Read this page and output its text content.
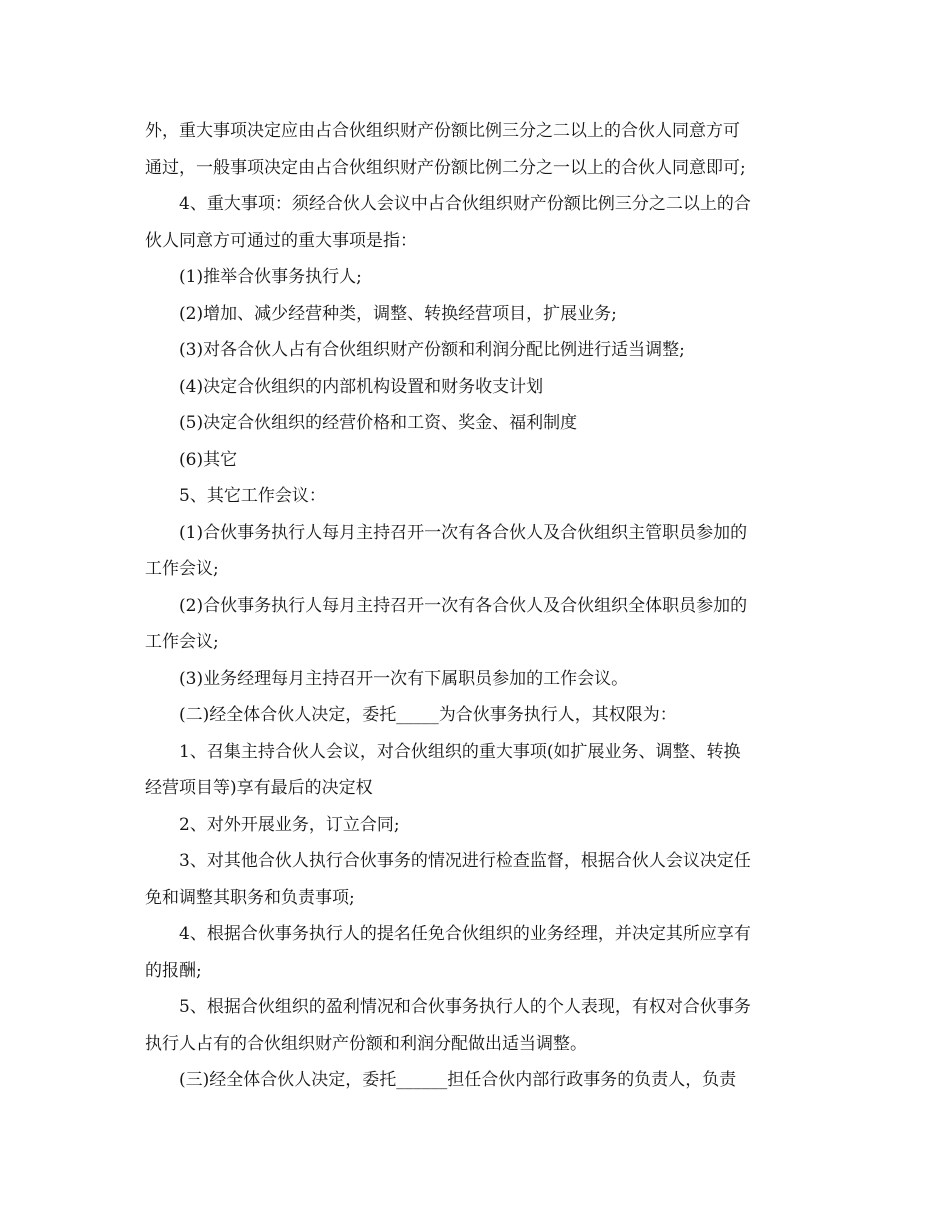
外，重大事项决定应由占合伙组织财产份额比例三分之二以上的合伙人同意方可
通过，一般事项决定由占合伙组织财产份额比例二分之一以上的合伙人同意即可;
4、重大事项：须经合伙人会议中占合伙组织财产份额比例三分之二以上的合
伙人同意方可通过的重大事项是指：
(1)推举合伙事务执行人;
(2)增加、减少经营种类，调整、转换经营项目，扩展业务;
(3)对各合伙人占有合伙组织财产份额和利润分配比例进行适当调整;
(4)决定合伙组织的内部机构设置和财务收支计划
(5)决定合伙组织的经营价格和工资、奖金、福利制度
(6)其它
5、其它工作会议：
(1)合伙事务执行人每月主持召开一次有各合伙人及合伙组织主管职员参加的
工作会议;
(2)合伙事务执行人每月主持召开一次有各合伙人及合伙组织全体职员参加的
工作会议;
(3)业务经理每月主持召开一次有下属职员参加的工作会议。
(二)经全体合伙人决定，委托_____为合伙事务执行人，其权限为：
1、召集主持合伙人会议，对合伙组织的重大事项(如扩展业务、调整、转换
经营项目等)享有最后的决定权
2、对外开展业务，订立合同;
3、对其他合伙人执行合伙事务的情况进行检查监督，根据合伙人会议决定任
免和调整其职务和负责事项;
4、根据合伙事务执行人的提名任免合伙组织的业务经理，并决定其所应享有
的报酬;
5、根据合伙组织的盈利情况和合伙事务执行人的个人表现，有权对合伙事务
执行人占有的合伙组织财产份额和利润分配做出适当调整。
(三)经全体合伙人决定，委托______担任合伙内部行政事务的负责人，负责
